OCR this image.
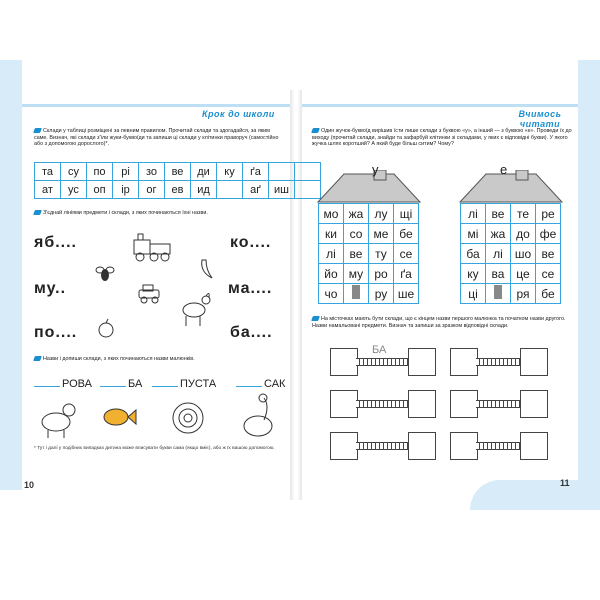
Крок до школи
Склади у таблиці розміщені за певним правилом. Прочитай склади та здогадайся, за яким саме. Визнач, які склади з'їли жуки-буквоїди та запиши ці склади у клітинки праворуч (самостійно або з допомогою дорослого)*.
та	су	по	рі	зо	ве	ди	ку	ґа		
ат	ус	оп	ір	ог	ев	ид		аґ	иш	
З'єднай лініями предмети і склади, з яких починаються їхні назви.
яб....	ко....
му..	ма....
по....	ба....
Назви і допиши склади, з яких починаються назви малюнків.
РОВА	БА	ПУСТА	САК
* Тут і далі у подібних випадках дитина може вписувати букви сама (якщо вміє), або ж їх вашою допомогою.
10
Вчимось читати
Один жучок-буквоїд вирішив їсти лише склади з буквою «у», а інший — з буквою «е». Проведи їх до виходу (прочитай склади, знайди та зафарбуй клітинки зі складами, у яких є відповідні букви). У якого жучка шлях коротший? А який буде більш ситим? Чому?
у
мо	жа	лу	щі
ки	со	ме	бе
лі	ве	ту	се
йо	му	ро	ґа
чо		ру	ше
е
лі	ве	те	ре
мі	жа	до	фе
ба	лі	шо	ве
ку	ва	це	се
ці		ря	бе
На місточках мають бути склади, що є кінцем назви першого малюнка та початком назви другого. Назви намальовані предмети. Визнач та запиши за зразком відповідні склади.
БА
11
